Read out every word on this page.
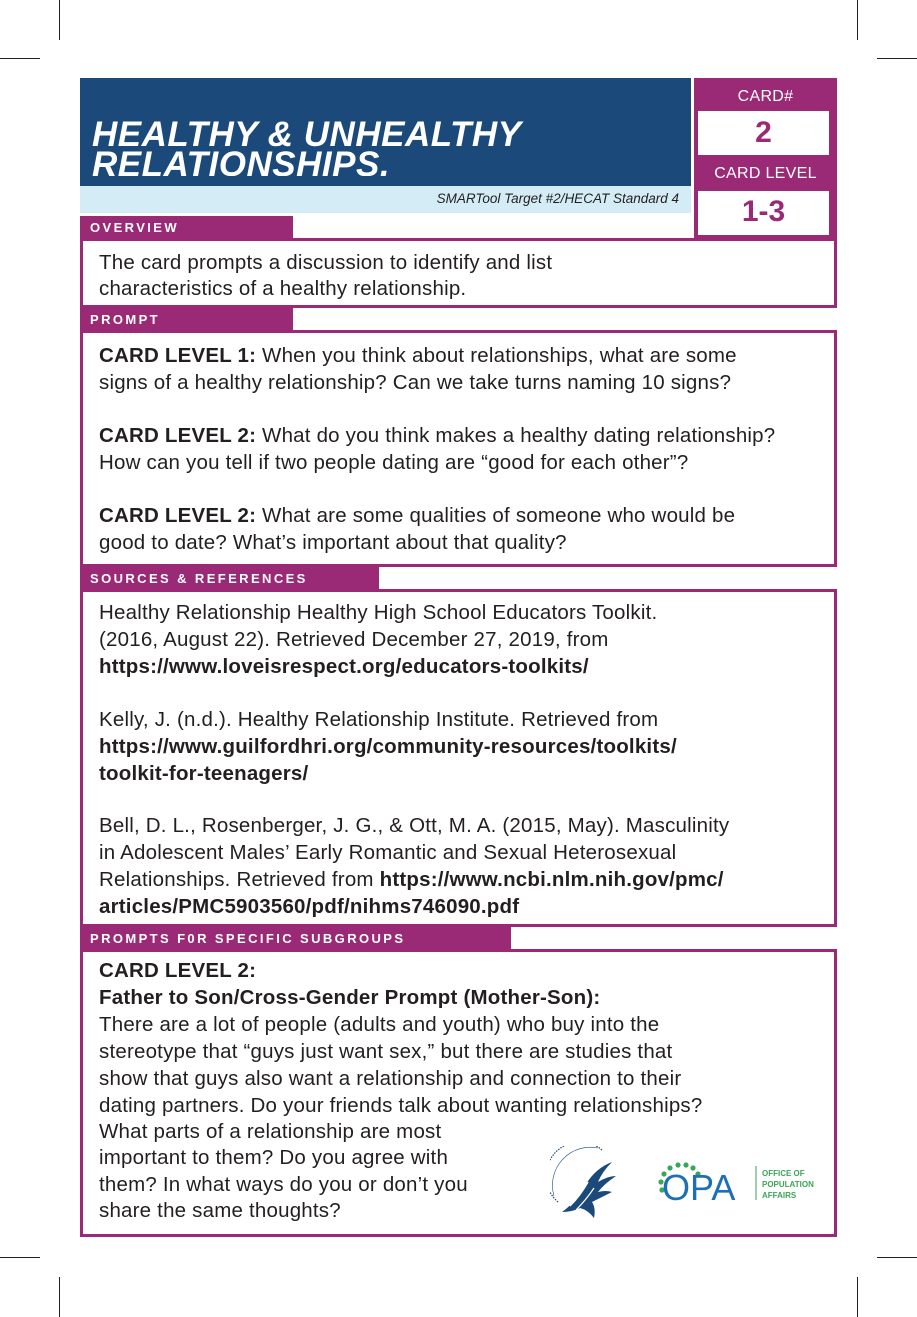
HEALTHY & UNHEALTHY

RELATIONSHIPS.
SMARTool Target #2/HECAT Standard 4
CARD#
2
CARD LEVEL
1-3
OVERVIEW
The card prompts a discussion to identify and list
characteristics of a healthy relationship.
PROMPT
CARD LEVEL 1: When you think about relationships, what are some
signs of a healthy relationship? Can we take turns naming 10 signs?
CARD LEVEL 2: What do you think makes a healthy dating relationship?
How can you tell if two people dating are “good for each other”?
CARD LEVEL 2: What are some qualities of someone who would be
good to date? What’s important about that quality?
SOURCES & REFERENCES
Healthy Relationship Healthy High School Educators Toolkit.
(2016, August 22). Retrieved December 27, 2019, from
https://www.loveisrespect.org/educators-toolkits/
Kelly, J. (n.d.). Healthy Relationship Institute. Retrieved from
https://www.guilfordhri.org/community-resources/toolkits/
toolkit-for-teenagers/
Bell, D. L., Rosenberger, J. G., & Ott, M. A. (2015, May). Masculinity
in Adolescent Males’ Early Romantic and Sexual Heterosexual
Relationships. Retrieved from https://www.ncbi.nlm.nih.gov/pmc/
articles/PMC5903560/pdf/nihms746090.pdf
PROMPTS F0R SPECIFIC SUBGROUPS
CARD LEVEL 2:
Father to Son/Cross-Gender Prompt (Mother-Son):
There are a lot of people (adults and youth) who buy into the
stereotype that “guys just want sex,” but there are studies that
show that guys also want a relationship and connection to their
dating partners. Do your friends talk about wanting relationships?
What parts of a relationship are most
important to them? Do you agree with
them? In what ways do you or don’t you
share the same thoughts?
OPA	OFFICE OF
POPULATION
AFFAIRS
